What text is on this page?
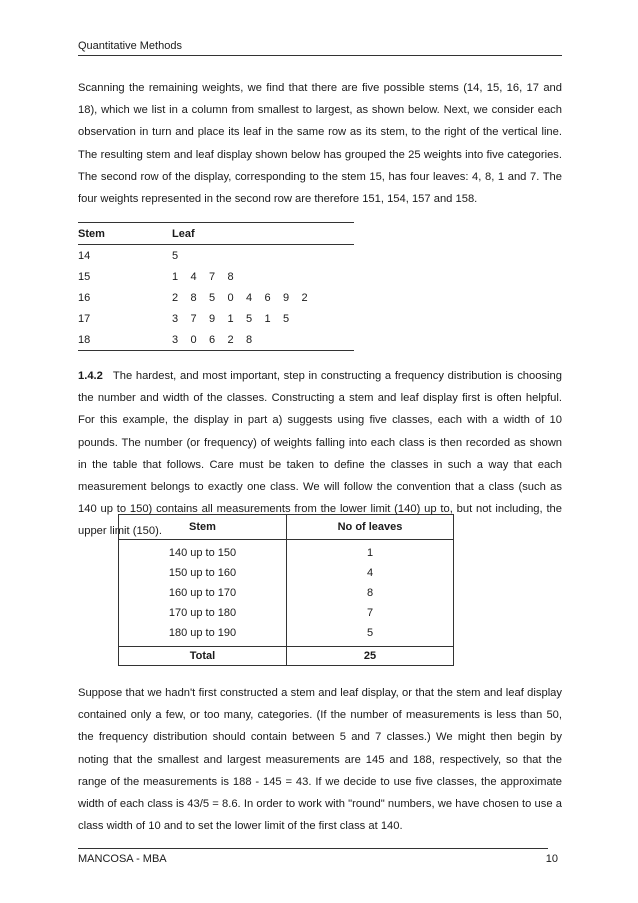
Quantitative Methods

Scanning the remaining weights, we find that there are five possible stems (14, 15, 16, 17 and 18), which we list in a column from smallest to largest, as shown below. Next, we consider each observation in turn and place its leaf in the same row as its stem, to the right of the vertical line. The resulting stem and leaf display shown below has grouped the 25 weights into five categories. The second row of the display, corresponding to the stem 15, has four leaves: 4, 8, 1 and 7. The four weights represented in the second row are therefore 151, 154, 157 and 158.

Stem	Leaf
14	5
15	1 4 7 8
16	2 8 5 0 4 6 9 2
17	3 7 9 1 5 1 5
18	3 0 6 2 8

1.4.2 The hardest, and most important, step in constructing a frequency distribution is choosing the number and width of the classes. Constructing a stem and leaf display first is often helpful. For this example, the display in part a) suggests using five classes, each with a width of 10 pounds. The number (or frequency) of weights falling into each class is then recorded as shown in the table that follows. Care must be taken to define the classes in such a way that each measurement belongs to exactly one class. We will follow the convention that a class (such as 140 up to 150) contains all measurements from the lower limit (140) up to, but not including, the upper limit (150).	Stem	No of leaves
140 up to 150	1
150 up to 160	4
160 up to 170	8
170 up to 180	7
180 up to 190	5
Total	25

Suppose that we hadn't first constructed a stem and leaf display, or that the stem and leaf display contained only a few, or too many, categories. (If the number of measurements is less than 50, the frequency distribution should contain between 5 and 7 classes.) We might then begin by noting that the smallest and largest measurements are 145 and 188, respectively, so that the range of the measurements is 188 - 145 = 43. If we decide to use five classes, the approximate width of each class is 43/5 = 8.6. In order to work with "round" numbers, we have chosen to use a class width of 10 and to set the lower limit of the first class at 140.

MANCOSA - MBA	10
